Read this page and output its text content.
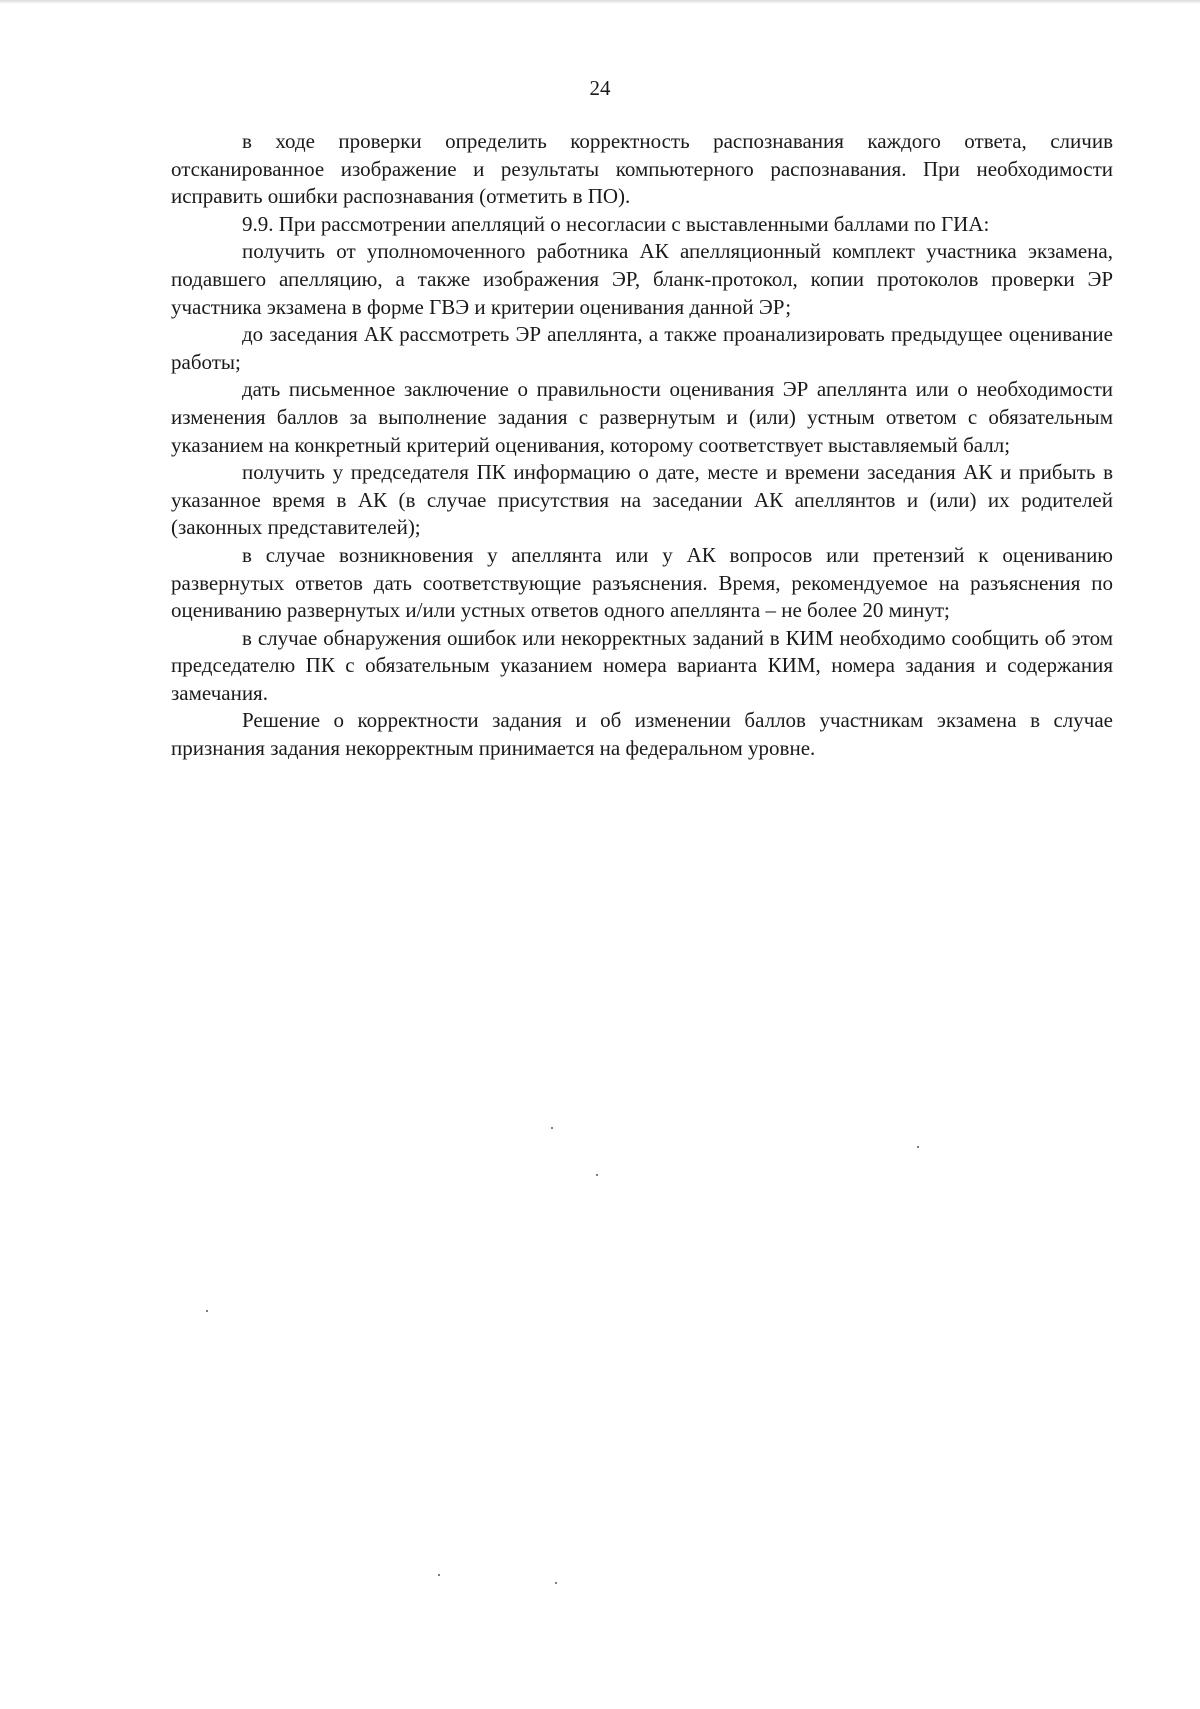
24

в ходе проверки определить корректность распознавания каждого ответа, сличив отсканированное изображение и результаты компьютерного распознавания. При необходимости исправить ошибки распознавания (отметить в ПО).

9.9. При рассмотрении апелляций о несогласии с выставленными баллами по ГИА:

получить от уполномоченного работника АК апелляционный комплект участника экзамена, подавшего апелляцию, а также изображения ЭР, бланк-протокол, копии протоколов проверки ЭР участника экзамена в форме ГВЭ и критерии оценивания данной ЭР;

до заседания АК рассмотреть ЭР апеллянта, а также проанализировать предыдущее оценивание работы;

дать письменное заключение о правильности оценивания ЭР апеллянта или о необходимости изменения баллов за выполнение задания с развернутым и (или) устным ответом с обязательным указанием на конкретный критерий оценивания, которому соответствует выставляемый балл;

получить у председателя ПК информацию о дате, месте и времени заседания АК и прибыть в указанное время в АК (в случае присутствия на заседании АК апеллянтов и (или) их родителей (законных представителей);

в случае возникновения у апеллянта или у АК вопросов или претензий к оцениванию развернутых ответов дать соответствующие разъяснения. Время, рекомендуемое на разъяснения по оцениванию развернутых и/или устных ответов одного апеллянта – не более 20 минут;

в случае обнаружения ошибок или некорректных заданий в КИМ необходимо сообщить об этом председателю ПК с обязательным указанием номера варианта КИМ, номера задания и содержания замечания.

Решение о корректности задания и об изменении баллов участникам экзамена в случае признания задания некорректным принимается на федеральном уровне.
